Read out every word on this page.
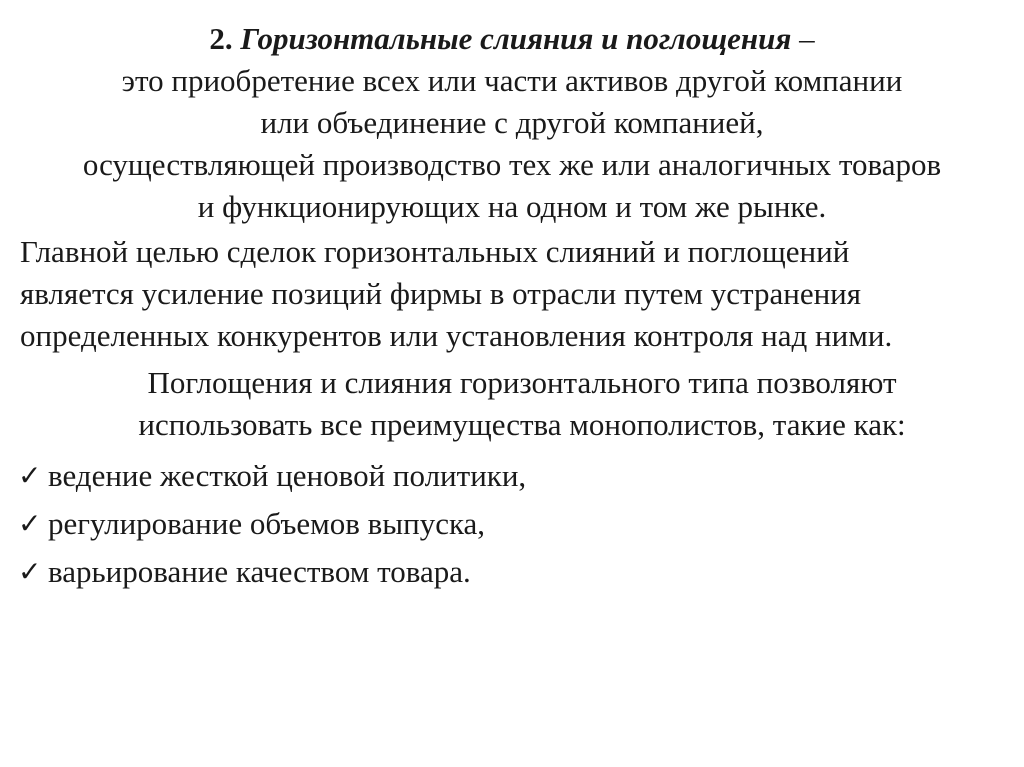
2. Горизонтальные слияния и поглощения –
это приобретение всех или части активов другой компании
или объединение с другой компанией,
осуществляющей производство тех же или аналогичных товаров
и функционирующих на одном и том же рынке.
Главной целью сделок горизонтальных слияний и поглощений
является усиление позиций фирмы в отрасли путем устранения
определенных конкурентов или установления контроля над ними.
Поглощения и слияния горизонтального типа позволяют
использовать все преимущества монополистов, такие как:
✓ ведение жесткой ценовой политики,
✓ регулирование объемов выпуска,
✓ варьирование качеством товара.
